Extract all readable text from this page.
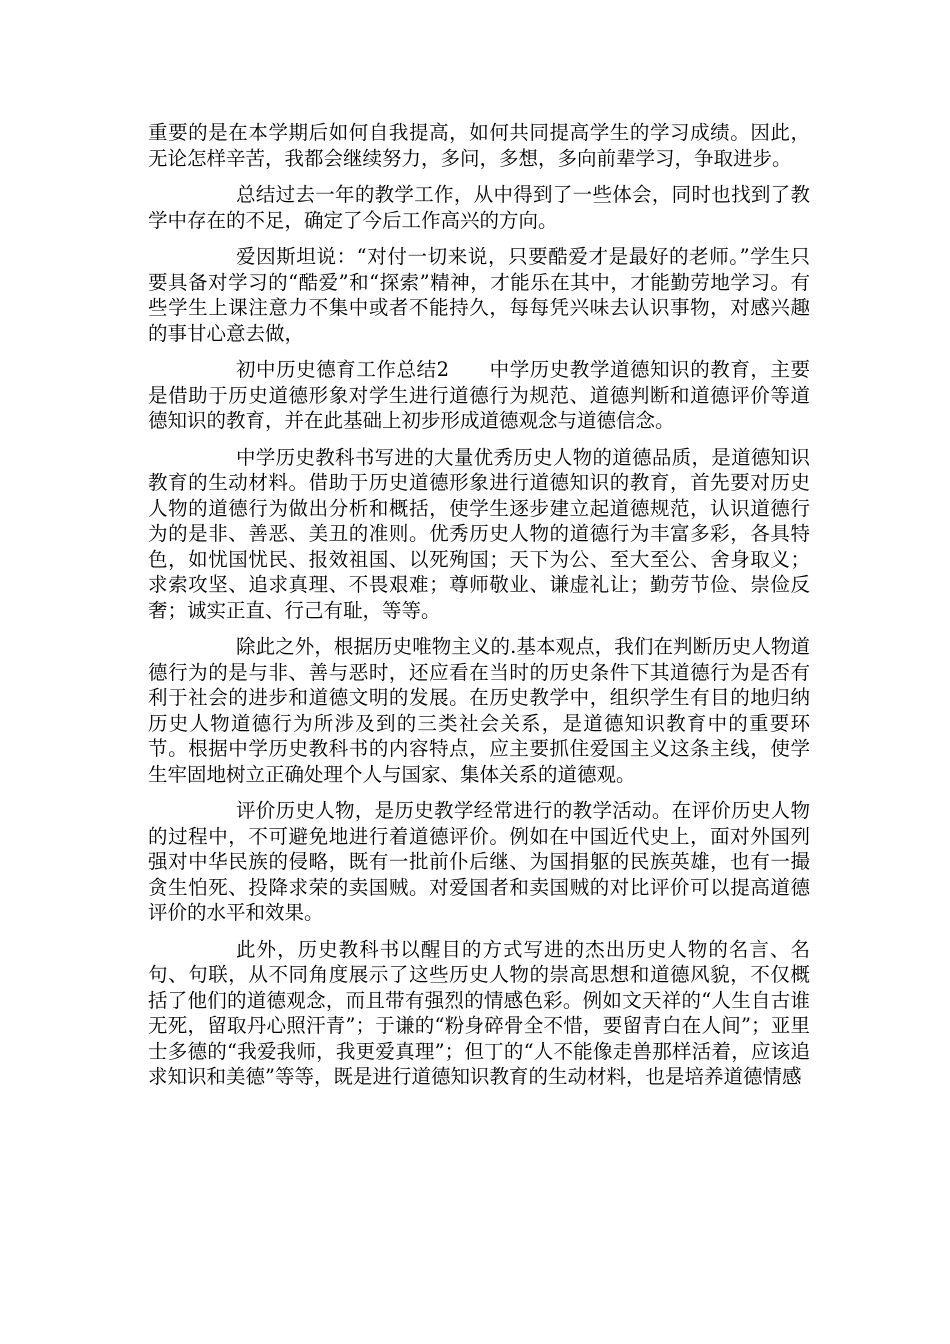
重要的是在本学期后如何自我提高，如何共同提高学生的学习成绩。因此，无论怎样辛苦，我都会继续努力，多问，多想，多向前辈学习，争取进步。

总结过去一年的教学工作，从中得到了一些体会，同时也找到了教学中存在的不足，确定了今后工作高兴的方向。

爱因斯坦说：“对付一切来说，只要酷爱才是最好的老师。”学生只要具备对学习的“酷爱”和“探索”精神，才能乐在其中，才能勤劳地学习。有些学生上课注意力不集中或者不能持久，每每凭兴味去认识事物，对感兴趣的事甘心意去做，

初中历史德育工作总结2　　中学历史教学道德知识的教育，主要是借助于历史道德形象对学生进行道德行为规范、道德判断和道德评价等道德知识的教育，并在此基础上初步形成道德观念与道德信念。

中学历史教科书写进的大量优秀历史人物的道德品质，是道德知识教育的生动材料。借助于历史道德形象进行道德知识的教育，首先要对历史人物的道德行为做出分析和概括，使学生逐步建立起道德规范，认识道德行为的是非、善恶、美丑的准则。优秀历史人物的道德行为丰富多彩，各具特色，如忧国忧民、报效祖国、以死殉国；天下为公、至大至公、舍身取义；求索攻坚、追求真理、不畏艰难；尊师敬业、谦虚礼让；勤劳节俭、崇俭反奢；诚实正直、行己有耻，等等。

除此之外，根据历史唯物主义的.基本观点，我们在判断历史人物道德行为的是与非、善与恶时，还应看在当时的历史条件下其道德行为是否有利于社会的进步和道德文明的发展。在历史教学中，组织学生有目的地归纳历史人物道德行为所涉及到的三类社会关系，是道德知识教育中的重要环节。根据中学历史教科书的内容特点，应主要抓住爱国主义这条主线，使学生牢固地树立正确处理个人与国家、集体关系的道德观。

评价历史人物，是历史教学经常进行的教学活动。在评价历史人物的过程中，不可避免地进行着道德评价。例如在中国近代史上，面对外国列强对中华民族的侵略，既有一批前仆后继、为国捐躯的民族英雄，也有一撮贪生怕死、投降求荣的卖国贼。对爱国者和卖国贼的对比评价可以提高道德评价的水平和效果。

此外，历史教科书以醒目的方式写进的杰出历史人物的名言、名句、句联，从不同角度展示了这些历史人物的崇高思想和道德风貌，不仅概括了他们的道德观念，而且带有强烈的情感色彩。例如文天祥的“人生自古谁无死，留取丹心照汗青”；于谦的“粉身碎骨全不惜，要留青白在人间”；亚里士多德的“我爱我师，我更爱真理”；但丁的“人不能像走兽那样活着，应该追求知识和美德”等等，既是进行道德知识教育的生动材料，也是培养道德情感
